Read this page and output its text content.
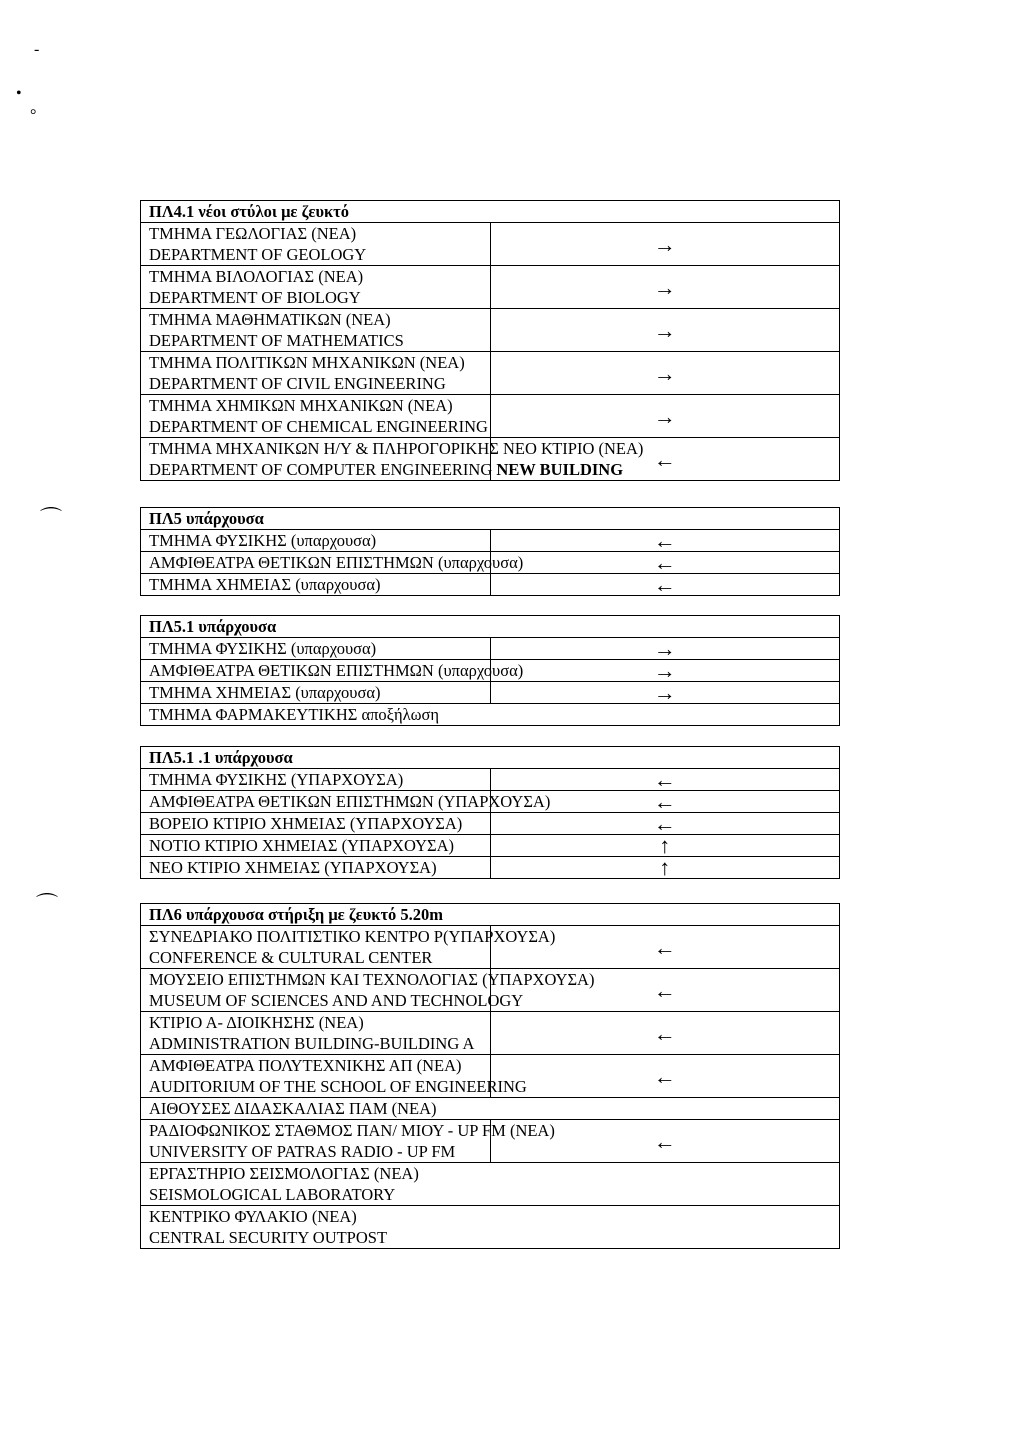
-
•
°
⌒
⌒
ΠΛ4.1 νέοι στύλοι με ζευκτό	

ΤΜΗΜΑ ΓΕΩΛΟΓΙΑΣ (ΝΕΑ)
DEPARTMENT OF GEOLOGY	→

ΤΜΗΜΑ ΒΙΛΟΛΟΓΙΑΣ (ΝΕΑ)
DEPARTMENT OF BIOLOGY	→

ΤΜΗΜΑ ΜΑΘΗΜΑΤΙΚΩΝ (ΝΕΑ)
DEPARTMENT OF MATHEMATICS	→

ΤΜΗΜΑ ΠΟΛΙΤΙΚΩΝ ΜΗΧΑΝΙΚΩΝ (ΝΕΑ)
DEPARTMENT OF CIVIL ENGINEERING	→

ΤΜΗΜΑ ΧΗΜΙΚΩΝ ΜΗΧΑΝΙΚΩΝ (ΝΕΑ)
DEPARTMENT OF CHEMICAL ENGINEERING	→

ΤΜΗΜΑ ΜΗΧΑΝΙΚΩΝ Η/Υ & ΠΛΗΡΟΓΟΡΙΚΗΣ ΝΕΟ ΚΤΙΡΙΟ (ΝΕΑ)
DEPARTMENT OF COMPUTER ENGINEERING NEW BUILDING	←
ΠΛ5 υπάρχουσα	
ΤΜΗΜΑ ΦΥΣΙΚΗΣ (υπαρχουσα)	←
ΑΜΦΙΘΕΑΤΡΑ ΘΕΤΙΚΩΝ ΕΠΙΣΤΗΜΩΝ (υπαρχουσα)	←
ΤΜΗΜΑ ΧΗΜΕΙΑΣ (υπαρχουσα)	←
ΠΛ5.1 υπάρχουσα	
ΤΜΗΜΑ ΦΥΣΙΚΗΣ (υπαρχουσα)	→
ΑΜΦΙΘΕΑΤΡΑ ΘΕΤΙΚΩΝ ΕΠΙΣΤΗΜΩΝ (υπαρχουσα)	→
ΤΜΗΜΑ ΧΗΜΕΙΑΣ (υπαρχουσα)	→
ΤΜΗΜΑ ΦΑΡΜΑΚΕΥΤΙΚΗΣ αποξήλωση	
ΠΛ5.1 .1 υπάρχουσα	
ΤΜΗΜΑ ΦΥΣΙΚΗΣ (ΥΠΑΡΧΟΥΣΑ)	←
ΑΜΦΙΘΕΑΤΡΑ ΘΕΤΙΚΩΝ ΕΠΙΣΤΗΜΩΝ (ΥΠΑΡΧΟΥΣΑ)	←
ΒΟΡΕΙΟ ΚΤΙΡΙΟ ΧΗΜΕΙΑΣ (ΥΠΑΡΧΟΥΣΑ)	←
ΝΟΤΙΟ ΚΤΙΡΙΟ ΧΗΜΕΙΑΣ (ΥΠΑΡΧΟΥΣΑ)	↑
ΝΕΟ ΚΤΙΡΙΟ ΧΗΜΕΙΑΣ (ΥΠΑΡΧΟΥΣΑ)	↑
ΠΛ6 υπάρχουσα στήριξη με ζευκτό 5.20m	

ΣΥΝΕΔΡΙΑΚΟ ΠΟΛΙΤΙΣΤΙΚΟ ΚΕΝΤΡΟ Ρ(ΥΠΑΡΧΟΥΣΑ)
CONFERENCE & CULTURAL CENTER	←

ΜΟΥΣΕΙΟ ΕΠΙΣΤΗΜΩΝ ΚΑΙ ΤΕΧΝΟΛΟΓΙΑΣ (ΥΠΑΡΧΟΥΣΑ)
MUSEUM OF SCIENCES AND AND TECHNOLOGY	←

ΚΤΙΡΙΟ Α- ΔΙΟΙΚΗΣΗΣ (ΝΕΑ)
ADMINISTRATION BUILDING-BUILDING A	←

ΑΜΦΙΘΕΑΤΡΑ ΠΟΛΥΤΕΧΝΙΚΗΣ ΑΠ (ΝΕΑ)
AUDITORIUM OF THE SCHOOL OF ENGINEERING	←
ΑΙΘΟΥΣΕΣ ΔΙΔΑΣΚΑΛΙΑΣ ΠΑΜ (ΝΕΑ)	

ΡΑΔΙΟΦΩΝΙΚΟΣ ΣΤΑΘΜΟΣ ΠΑΝ/ ΜΙΟΥ - UP FM (ΝΕΑ)
UNIVERSITY OF PATRAS RADIO - UP FM	←

ΕΡΓΑΣΤΗΡΙΟ ΣΕΙΣΜΟΛΟΓΙΑΣ (ΝΕΑ)
SEISMOLOGICAL LABORATORY	

ΚΕΝΤΡΙΚΟ ΦΥΛΑΚΙΟ (ΝΕΑ)
CENTRAL SECURITY OUTPOST	
